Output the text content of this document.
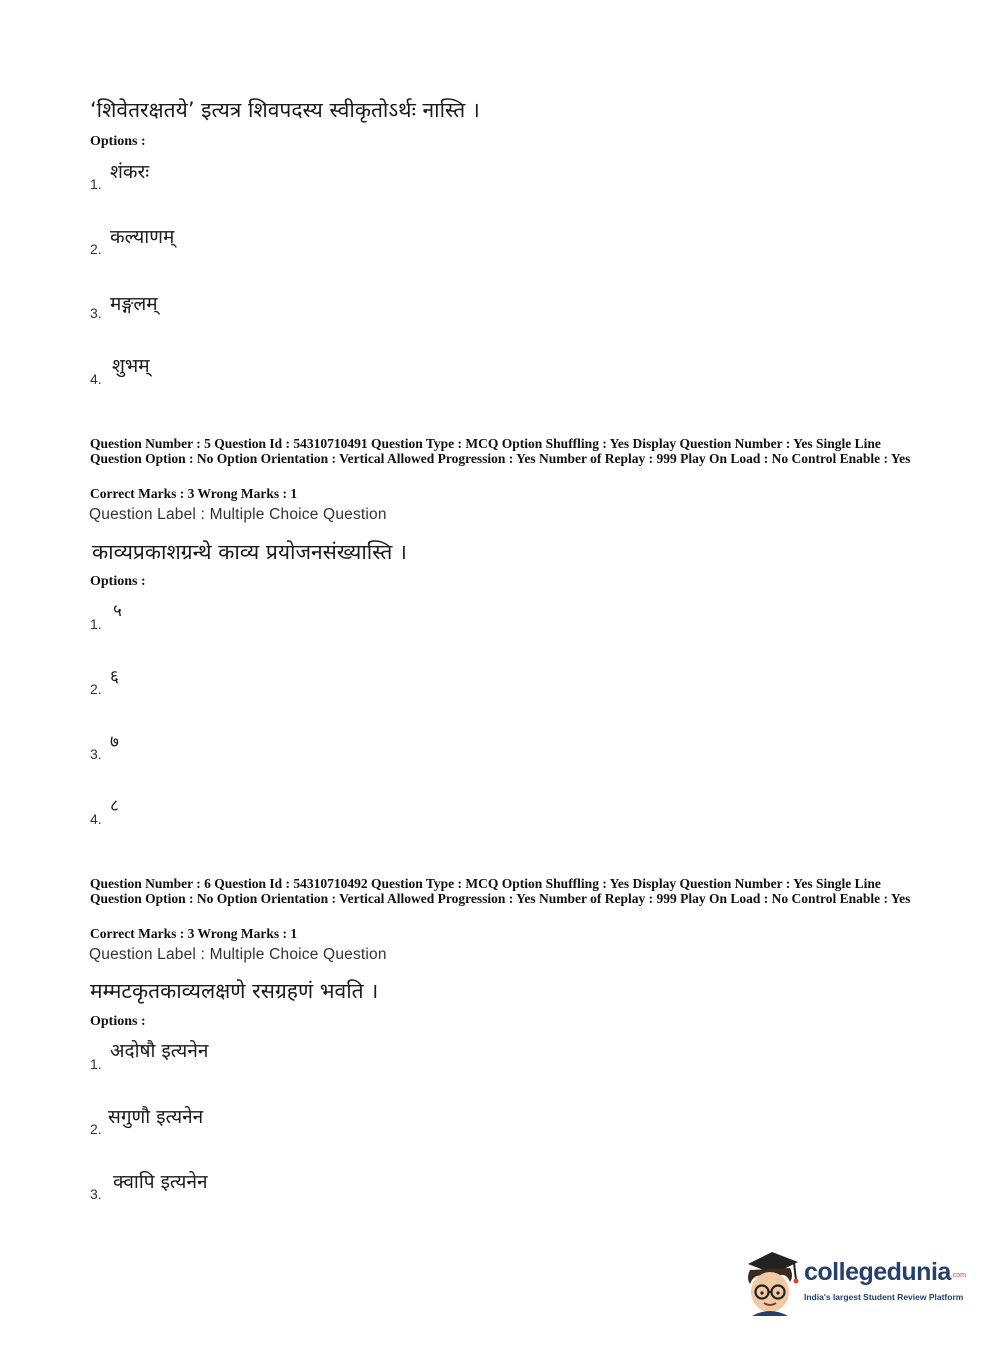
‘शिवेतरक्षतये’ इत्यत्र शिवपदस्य स्वीकृतोऽर्थः नास्ति ।
Options :
1.
शंकरः
2.
कल्याणम्
3. मङ्गलम्
4.
शुभम्
Question Number : 5 Question Id : 54310710491 Question Type : MCQ Option Shuffling : Yes Display Question Number : Yes Single Line Question Option : No Option Orientation : Vertical Allowed Progression : Yes Number of Replay : 999 Play On Load : No Control Enable : Yes
Correct Marks : 3 Wrong Marks : 1
Question Label : Multiple Choice Question
काव्यप्रकाशग्रन्थे काव्य प्रयोजनसंख्यास्ति ।
Options :
1.
५
2.
६
3.
७
4.
८
Question Number : 6 Question Id : 54310710492 Question Type : MCQ Option Shuffling : Yes Display Question Number : Yes Single Line Question Option : No Option Orientation : Vertical Allowed Progression : Yes Number of Replay : 999 Play On Load : No Control Enable : Yes
Correct Marks : 3 Wrong Marks : 1
Question Label : Multiple Choice Question
मम्मटकृतकाव्यलक्षणे रसग्रहणं भवति ।
Options :
1.
अदोषौ इत्यनेन
2.
सगुणौ इत्यनेन
3.
क्वापि इत्यनेन
collegedunia.com
India's largest Student Review Platform
